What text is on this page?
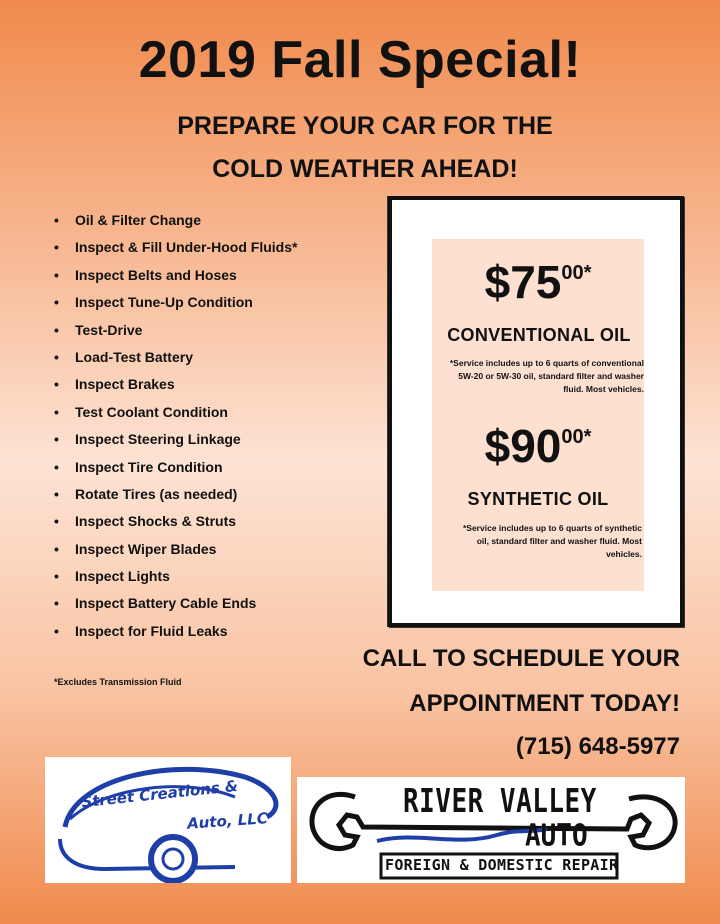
2019 Fall Special!
PREPARE YOUR CAR FOR THE
COLD WEATHER AHEAD!
• Oil & Filter Change
• Inspect & Fill Under-Hood Fluids*
• Inspect Belts and Hoses
• Inspect Tune-Up Condition
• Test-Drive
• Load-Test Battery
• Inspect Brakes
• Test Coolant Condition
• Inspect Steering Linkage
• Inspect Tire Condition
• Rotate Tires (as needed)
• Inspect Shocks & Struts
• Inspect Wiper Blades
• Inspect Lights
• Inspect Battery Cable Ends
• Inspect for Fluid Leaks
*Excludes Transmission Fluid
$\$75^{00*}$
CONVENTIONAL OIL
*Service includes up to 6 quarts of conventional 5W-20 or 5W-30 oil, standard filter and washer fluid. Most vehicles.
$\$90^{00*}$
SYNTHETIC OIL
*Service includes up to 6 quarts of synthetic oil, standard filter and washer fluid. Most vehicles.
CALL TO SCHEDULE YOUR
APPOINTMENT TODAY!
(715) 648-5977
Street Creations &
Auto, LLC
RIVER VALLEY
AUTO
FOREIGN & DOMESTIC REPAIR
